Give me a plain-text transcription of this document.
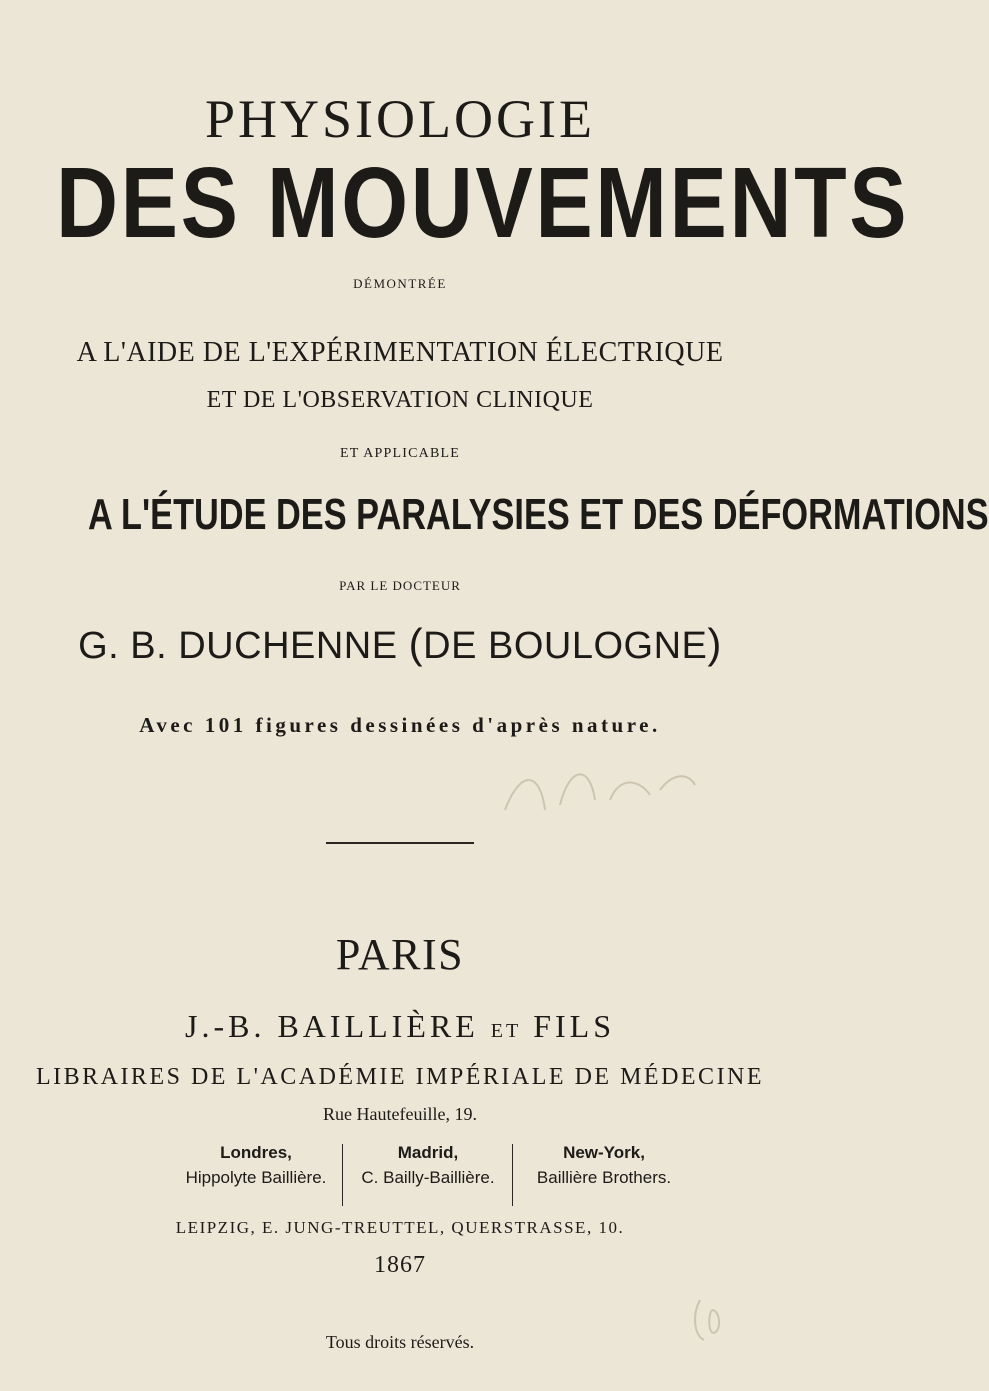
PHYSIOLOGIE
DES MOUVEMENTS
DÉMONTRÉE
A L'AIDE DE L'EXPÉRIMENTATION ÉLECTRIQUE
ET DE L'OBSERVATION CLINIQUE
ET APPLICABLE
A L'ÉTUDE DES PARALYSIES ET DES DÉFORMATIONS
PAR LE DOCTEUR
G. B. DUCHENNE (DE BOULOGNE)
Avec 101 figures dessinées d'après nature.
PARIS
J.-B. BAILLIÈRE ET FILS
LIBRAIRES DE L'ACADÉMIE IMPÉRIALE DE MÉDECINE
Rue Hautefeuille, 19.
Londres,
Hippolyte Baillière.
Madrid,
C. Bailly-Baillière.
New-York,
Baillière Brothers.
LEIPZIG, E. JUNG-TREUTTEL, QUERSTRASSE, 10.
1867
Tous droits réservés.
